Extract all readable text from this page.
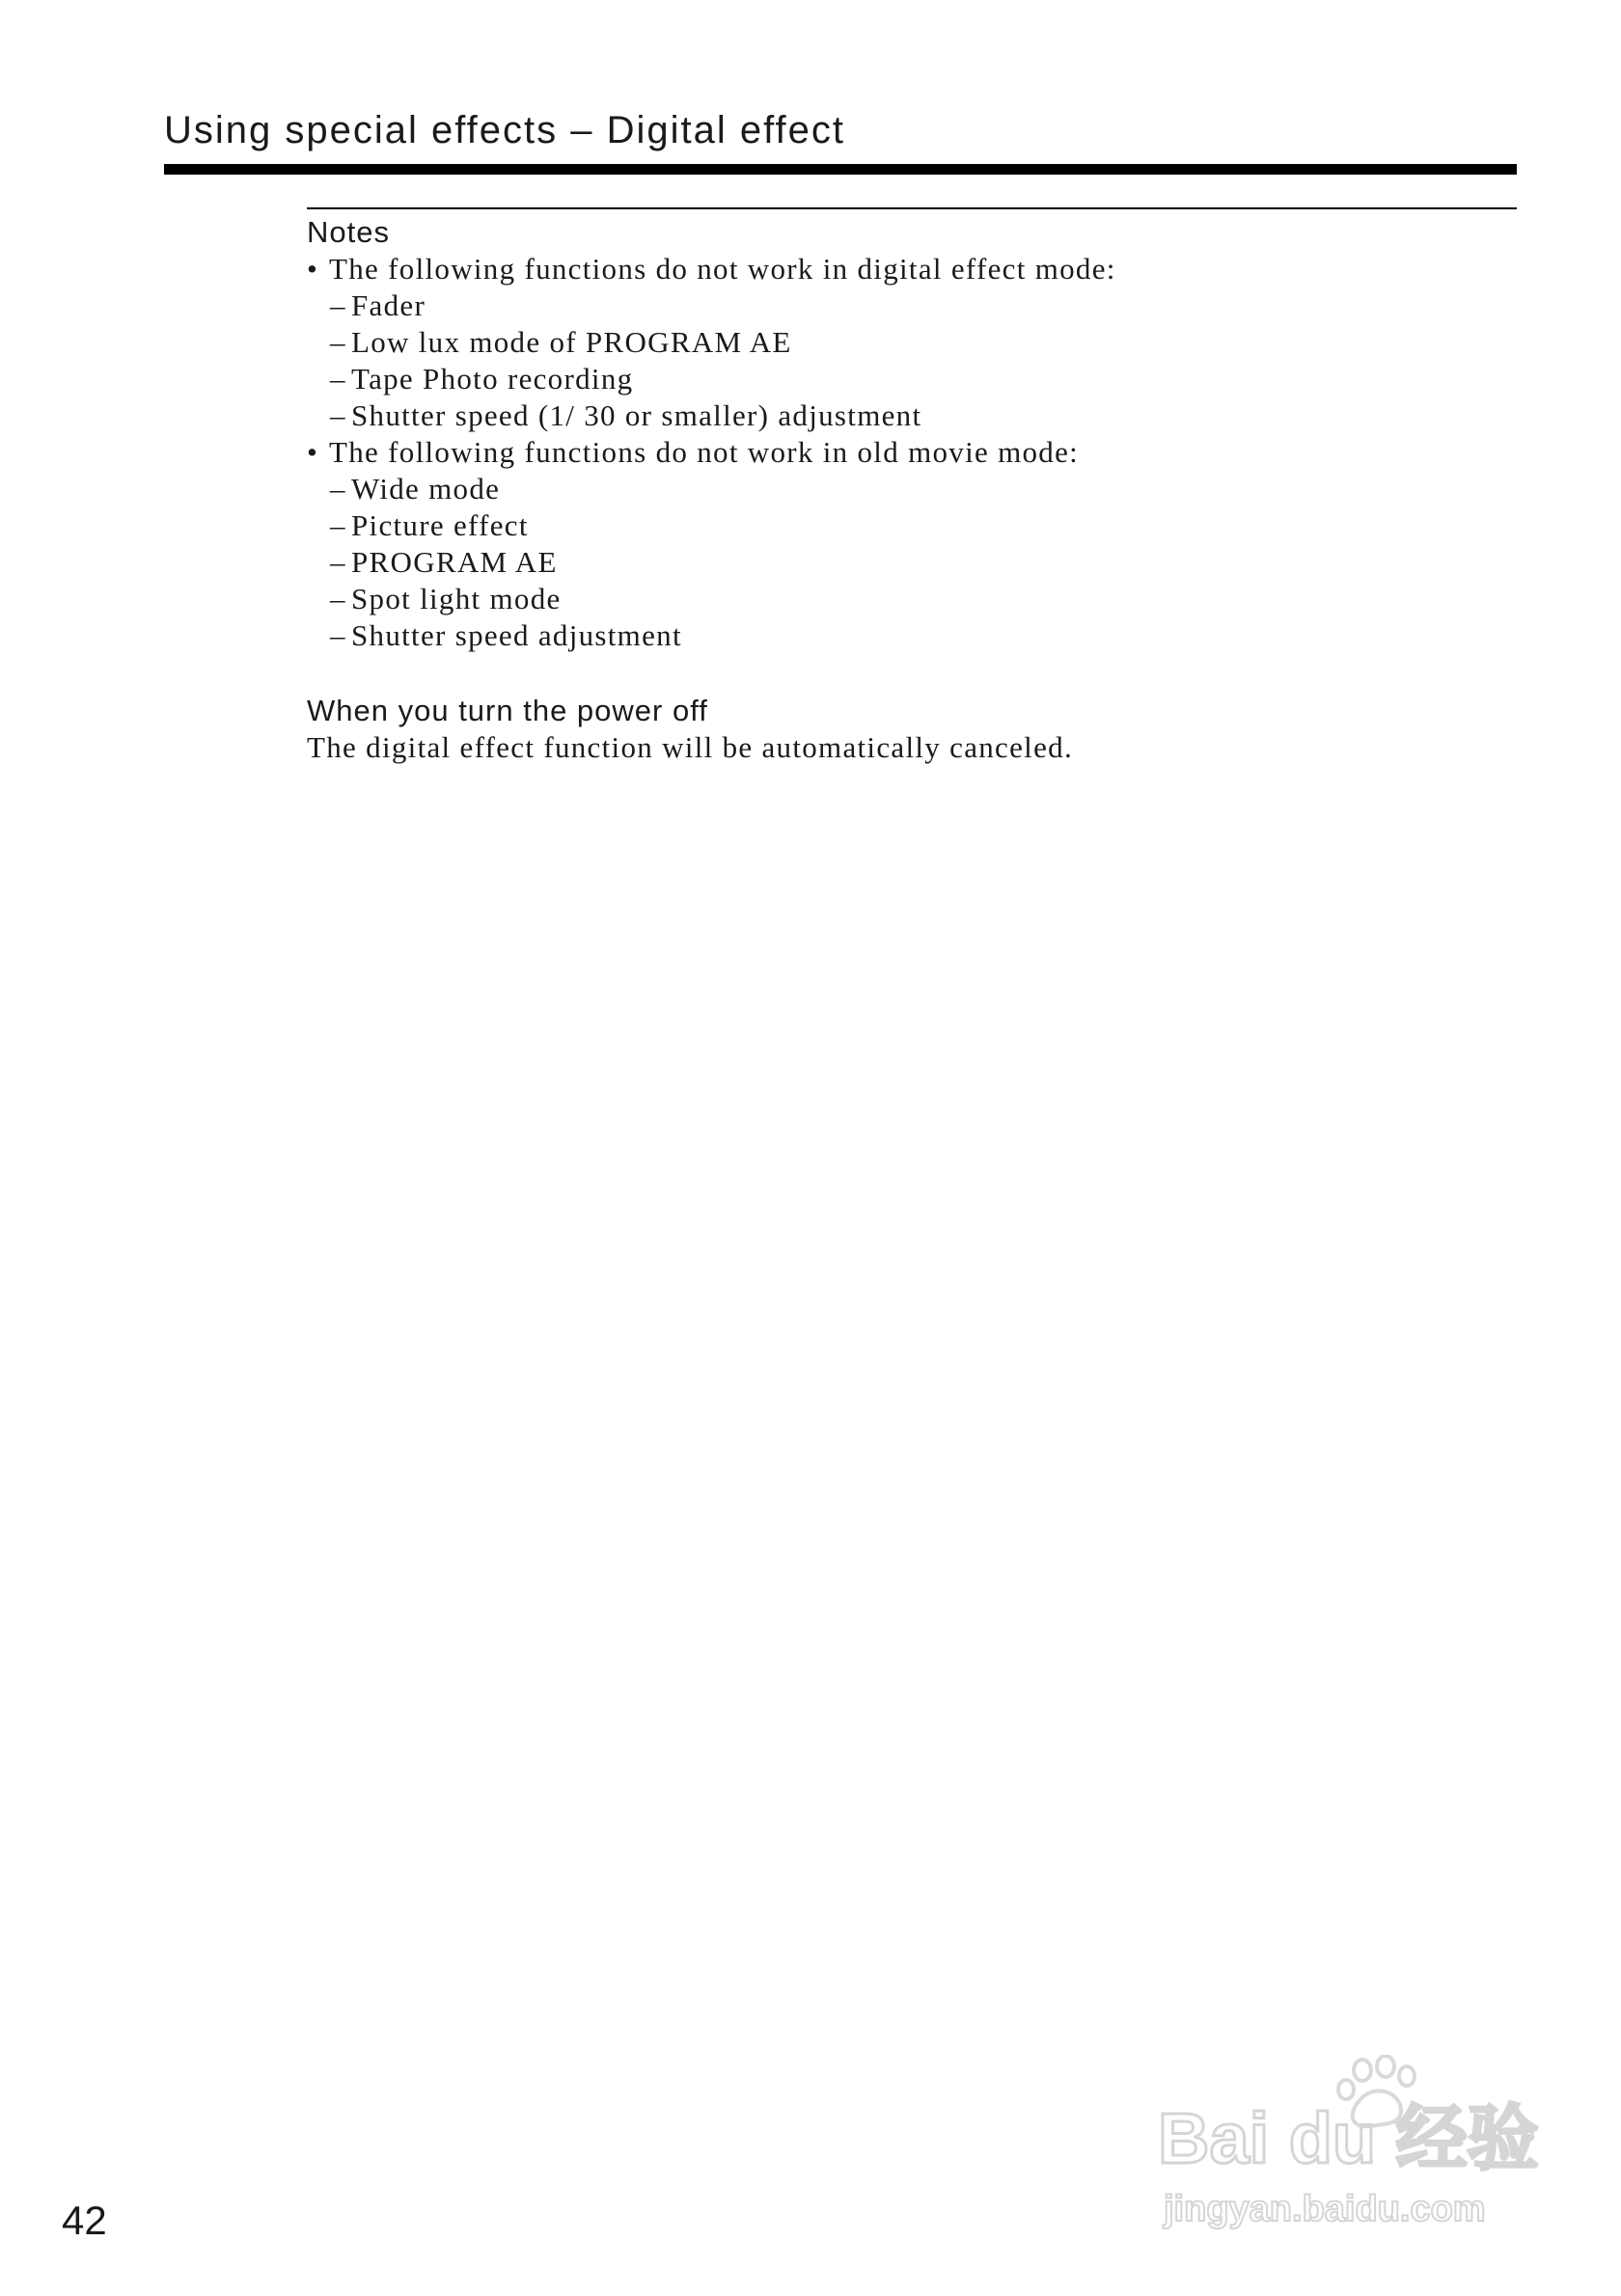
Using special effects – Digital effect
Notes
• The following functions do not work in digital effect mode:
– Fader
– Low lux mode of PROGRAM AE
– Tape Photo recording
– Shutter speed (1/ 30 or smaller) adjustment
• The following functions do not work in old movie mode:
– Wide mode
– Picture effect
– PROGRAM AE
– Spot light mode
– Shutter speed adjustment
When you turn the power off
The digital effect function will be automatically canceled.
42
Bai du 经验
jingyan.baidu.com
